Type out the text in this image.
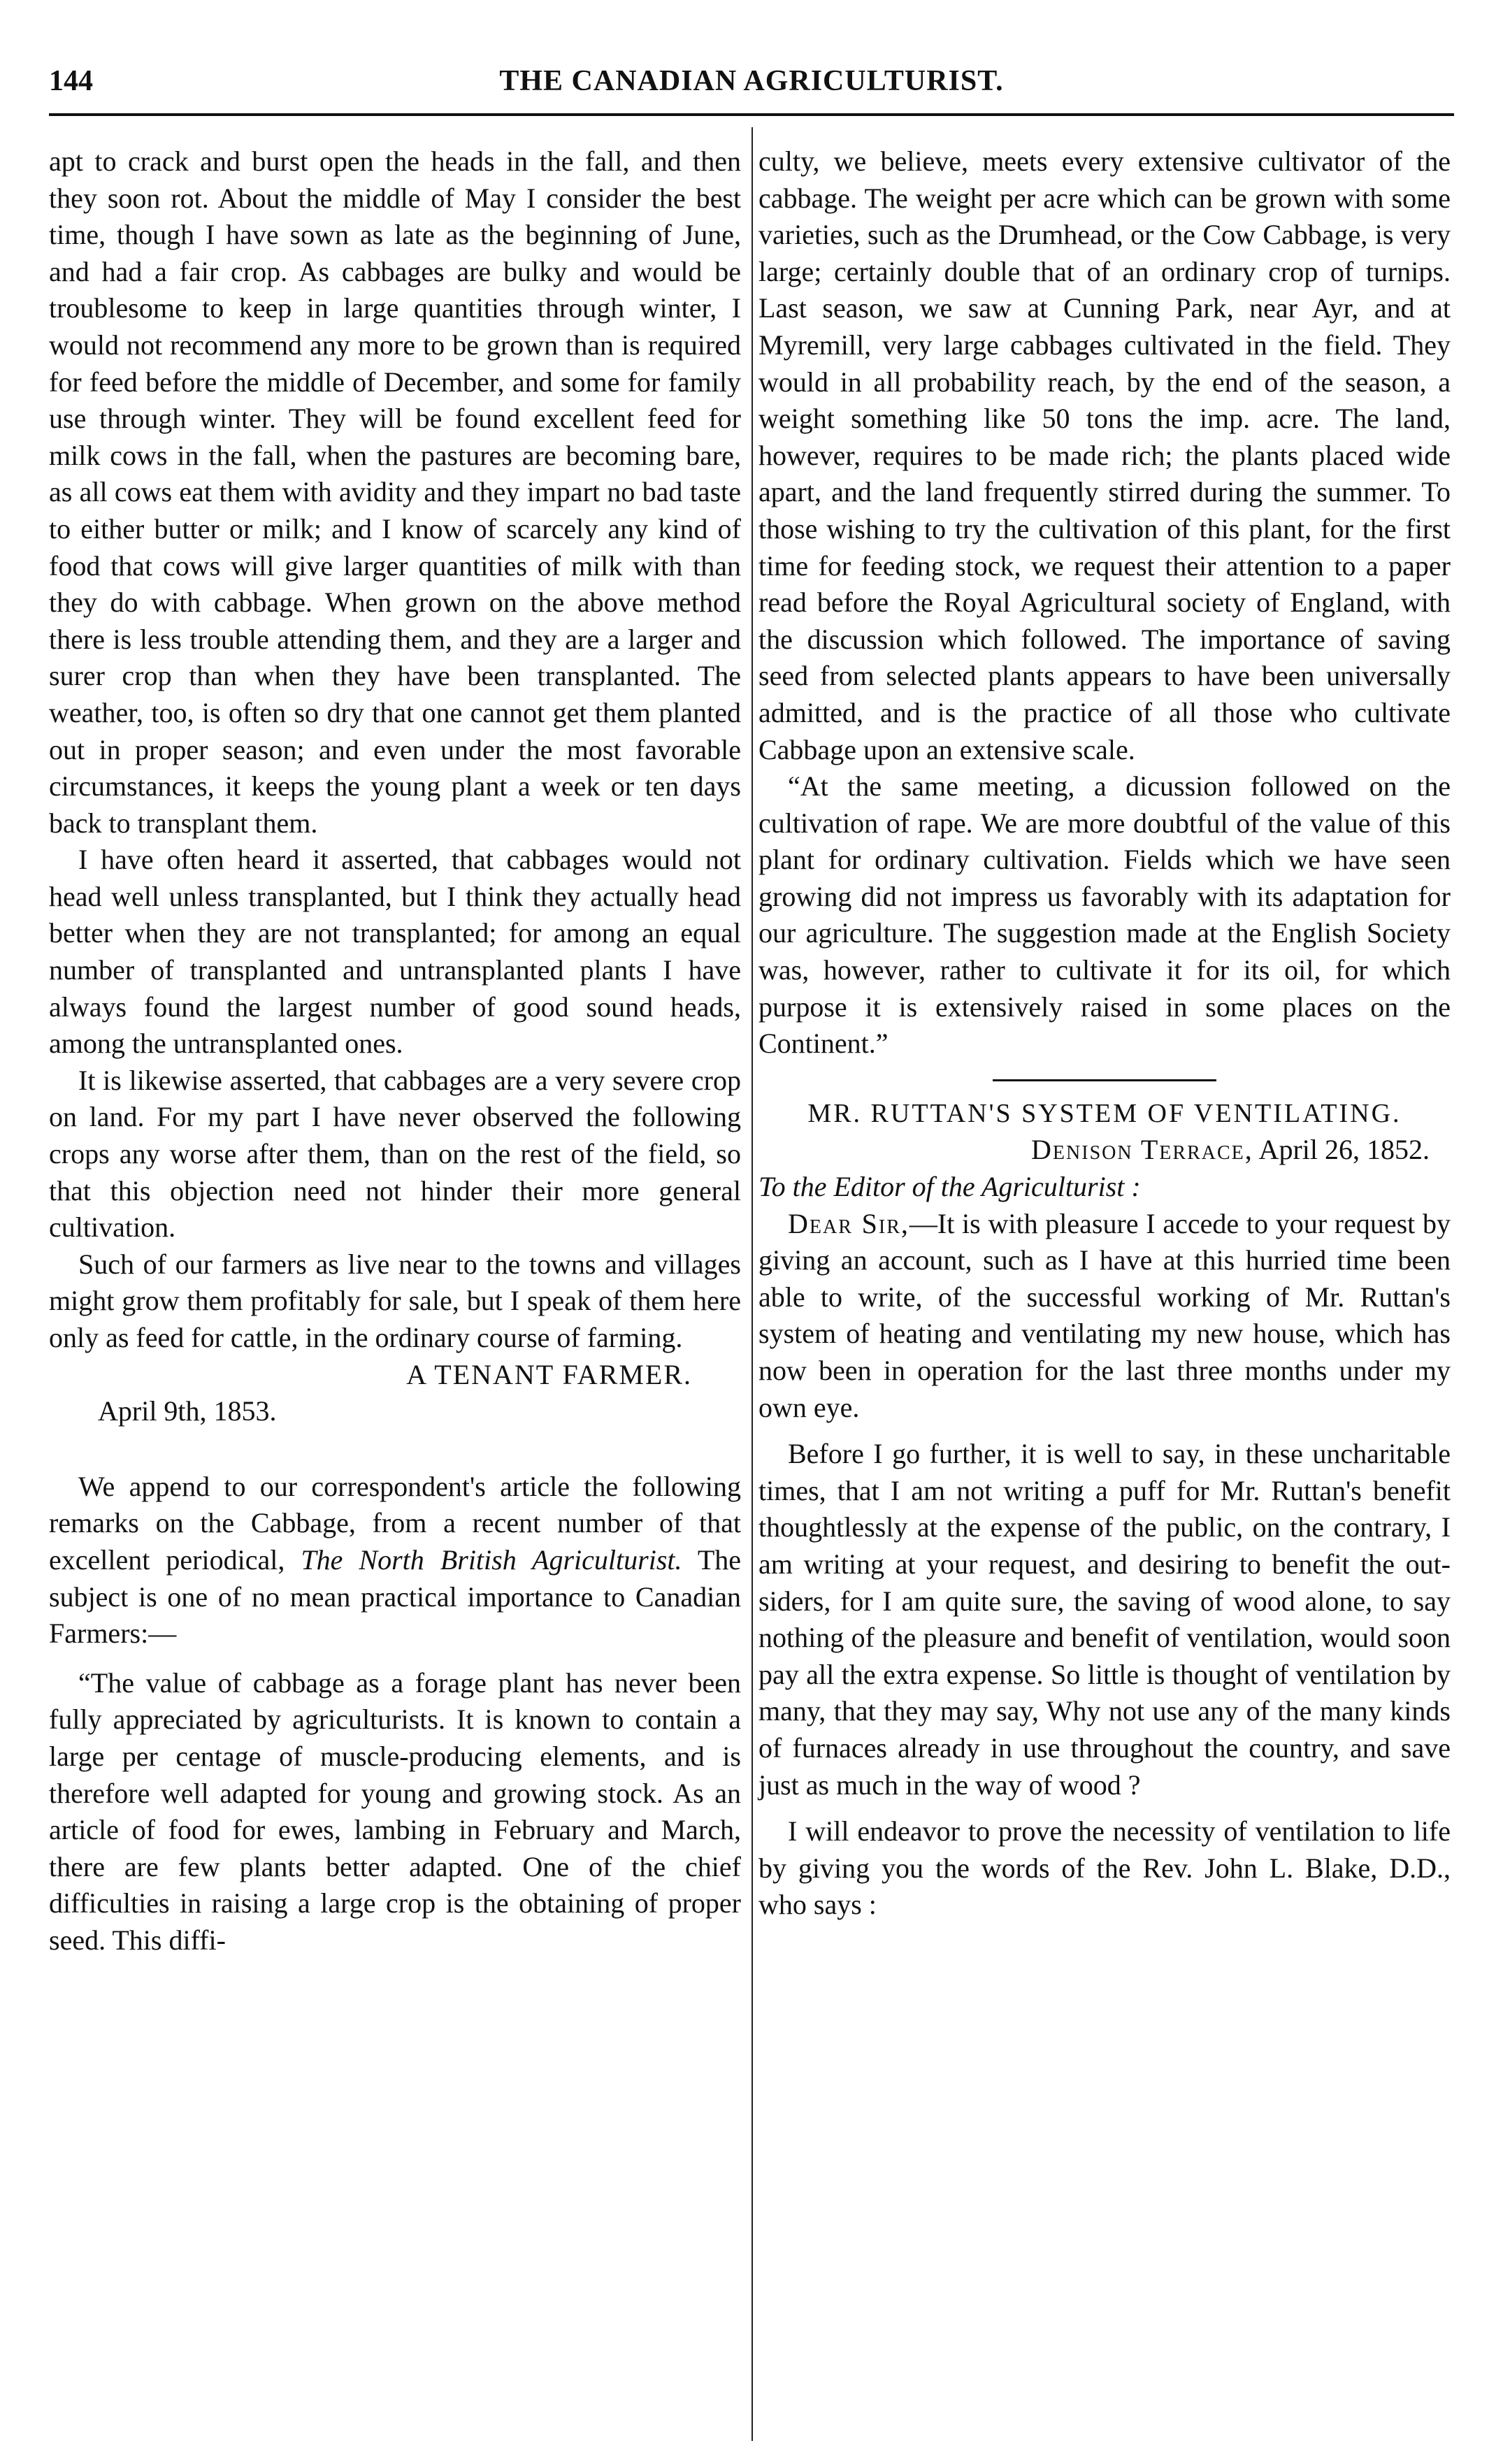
144	THE CANADIAN AGRICULTURIST.

apt to crack and burst open the heads in the fall, and then they soon rot. About the middle of May I consider the best time, though I have sown as late as the beginning of June, and had a fair crop. As cabbages are bulky and would be troublesome to keep in large quantities through winter, I would not recommend any more to be grown than is required for feed before the middle of December, and some for family use through winter. They will be found excellent feed for milk cows in the fall, when the pastures are becoming bare, as all cows eat them with avidity and they impart no bad taste to either butter or milk; and I know of scarcely any kind of food that cows will give larger quantities of milk with than they do with cabbage. When grown on the above method there is less trouble attending them, and they are a larger and surer crop than when they have been transplanted. The weather, too, is often so dry that one cannot get them planted out in proper season; and even under the most favorable circumstances, it keeps the young plant a week or ten days back to transplant them.

I have often heard it asserted, that cabbages would not head well unless transplanted, but I think they actually head better when they are not transplanted; for among an equal number of transplanted and untransplanted plants I have always found the largest number of good sound heads, among the untransplanted ones.

It is likewise asserted, that cabbages are a very severe crop on land. For my part I have never observed the following crops any worse after them, than on the rest of the field, so that this objection need not hinder their more general cultivation.

Such of our farmers as live near to the towns and villages might grow them profitably for sale, but I speak of them here only as feed for cattle, in the ordinary course of farming.

A TENANT FARMER.

April 9th, 1853.

We append to our correspondent's article the following remarks on the Cabbage, from a recent number of that excellent periodical, The North British Agriculturist. The subject is one of no mean practical importance to Canadian Farmers:—

“The value of cabbage as a forage plant has never been fully appreciated by agriculturists. It is known to contain a large per centage of muscle-producing elements, and is therefore well adapted for young and growing stock. As an article of food for ewes, lambing in February and March, there are few plants better adapted. One of the chief difficulties in raising a large crop is the obtaining of proper seed. This diffi-

culty, we believe, meets every extensive cultivator of the cabbage. The weight per acre which can be grown with some varieties, such as the Drumhead, or the Cow Cabbage, is very large; certainly double that of an ordinary crop of turnips. Last season, we saw at Cunning Park, near Ayr, and at Myremill, very large cabbages cultivated in the field. They would in all probability reach, by the end of the season, a weight something like 50 tons the imp. acre. The land, however, requires to be made rich; the plants placed wide apart, and the land frequently stirred during the summer. To those wishing to try the cultivation of this plant, for the first time for feeding stock, we request their attention to a paper read before the Royal Agricultural society of England, with the discussion which followed. The importance of saving seed from selected plants appears to have been universally admitted, and is the practice of all those who cultivate Cabbage upon an extensive scale.

“At the same meeting, a dicussion followed on the cultivation of rape. We are more doubtful of the value of this plant for ordinary cultivation. Fields which we have seen growing did not impress us favorably with its adaptation for our agriculture. The suggestion made at the English Society was, however, rather to cultivate it for its oil, for which purpose it is extensively raised in some places on the Continent.”

MR. RUTTAN'S SYSTEM OF VENTILATING.

Denison Terrace, April 26, 1852.

To the Editor of the Agriculturist :

Dear Sir,—It is with pleasure I accede to your request by giving an account, such as I have at this hurried time been able to write, of the successful working of Mr. Ruttan's system of heating and ventilating my new house, which has now been in operation for the last three months under my own eye.

Before I go further, it is well to say, in these uncharitable times, that I am not writing a puff for Mr. Ruttan's benefit thoughtlessly at the expense of the public, on the contrary, I am writing at your request, and desiring to benefit the out-siders, for I am quite sure, the saving of wood alone, to say nothing of the pleasure and benefit of ventilation, would soon pay all the extra expense. So little is thought of ventilation by many, that they may say, Why not use any of the many kinds of furnaces already in use throughout the country, and save just as much in the way of wood ?

I will endeavor to prove the necessity of ventilation to life by giving you the words of the Rev. John L. Blake, D.D., who says :
